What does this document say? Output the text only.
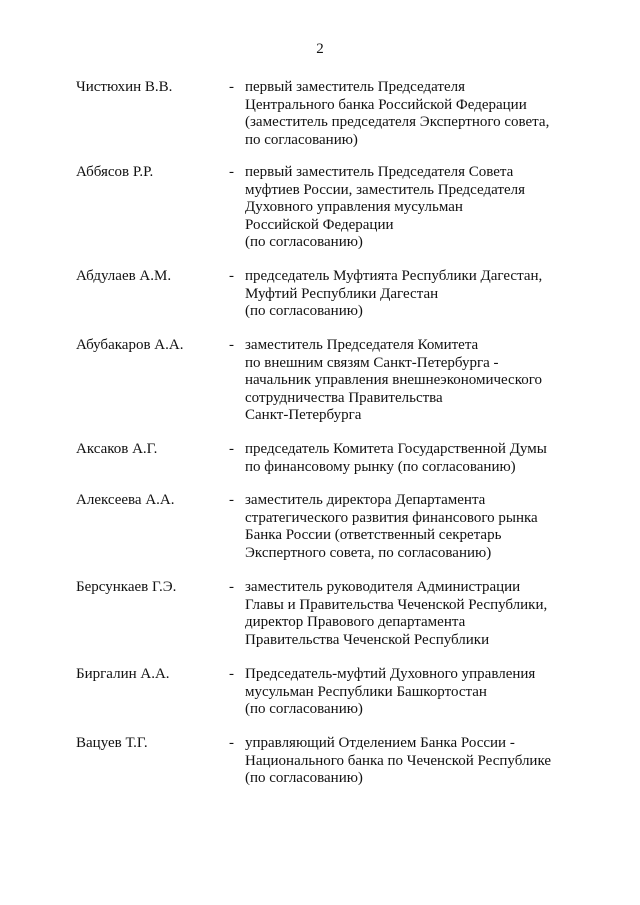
2
Чистюхин В.В.	- первый заместитель Председателя
Центрального банка Российской Федерации
(заместитель председателя Экспертного совета,
по согласованию)
Аббясов Р.Р.	- первый заместитель Председателя Совета
муфтиев России, заместитель Председателя
Духовного управления мусульман
Российской Федерации
(по согласованию)
Абдулаев А.М.	- председатель Муфтията Республики Дагестан,
Муфтий Республики Дагестан
(по согласованию)
Абубакаров А.А.	- заместитель Председателя Комитета
по внешним связям Санкт-Петербурга -
начальник управления внешнеэкономического
сотрудничества Правительства
Санкт-Петербурга
Аксаков А.Г.	- председатель Комитета Государственной Думы
по финансовому рынку (по согласованию)
Алексеева А.А.	- заместитель директора Департамента
стратегического развития финансового рынка
Банка России (ответственный секретарь
Экспертного совета, по согласованию)
Берсункаев Г.Э.	- заместитель руководителя Администрации
Главы и Правительства Чеченской Республики,
директор Правового департамента
Правительства Чеченской Республики
Биргалин А.А.	- Председатель-муфтий Духовного управления
мусульман Республики Башкортостан
(по согласованию)
Вацуев Т.Г.	- управляющий Отделением Банка России -
Национального банка по Чеченской Республике
(по согласованию)
